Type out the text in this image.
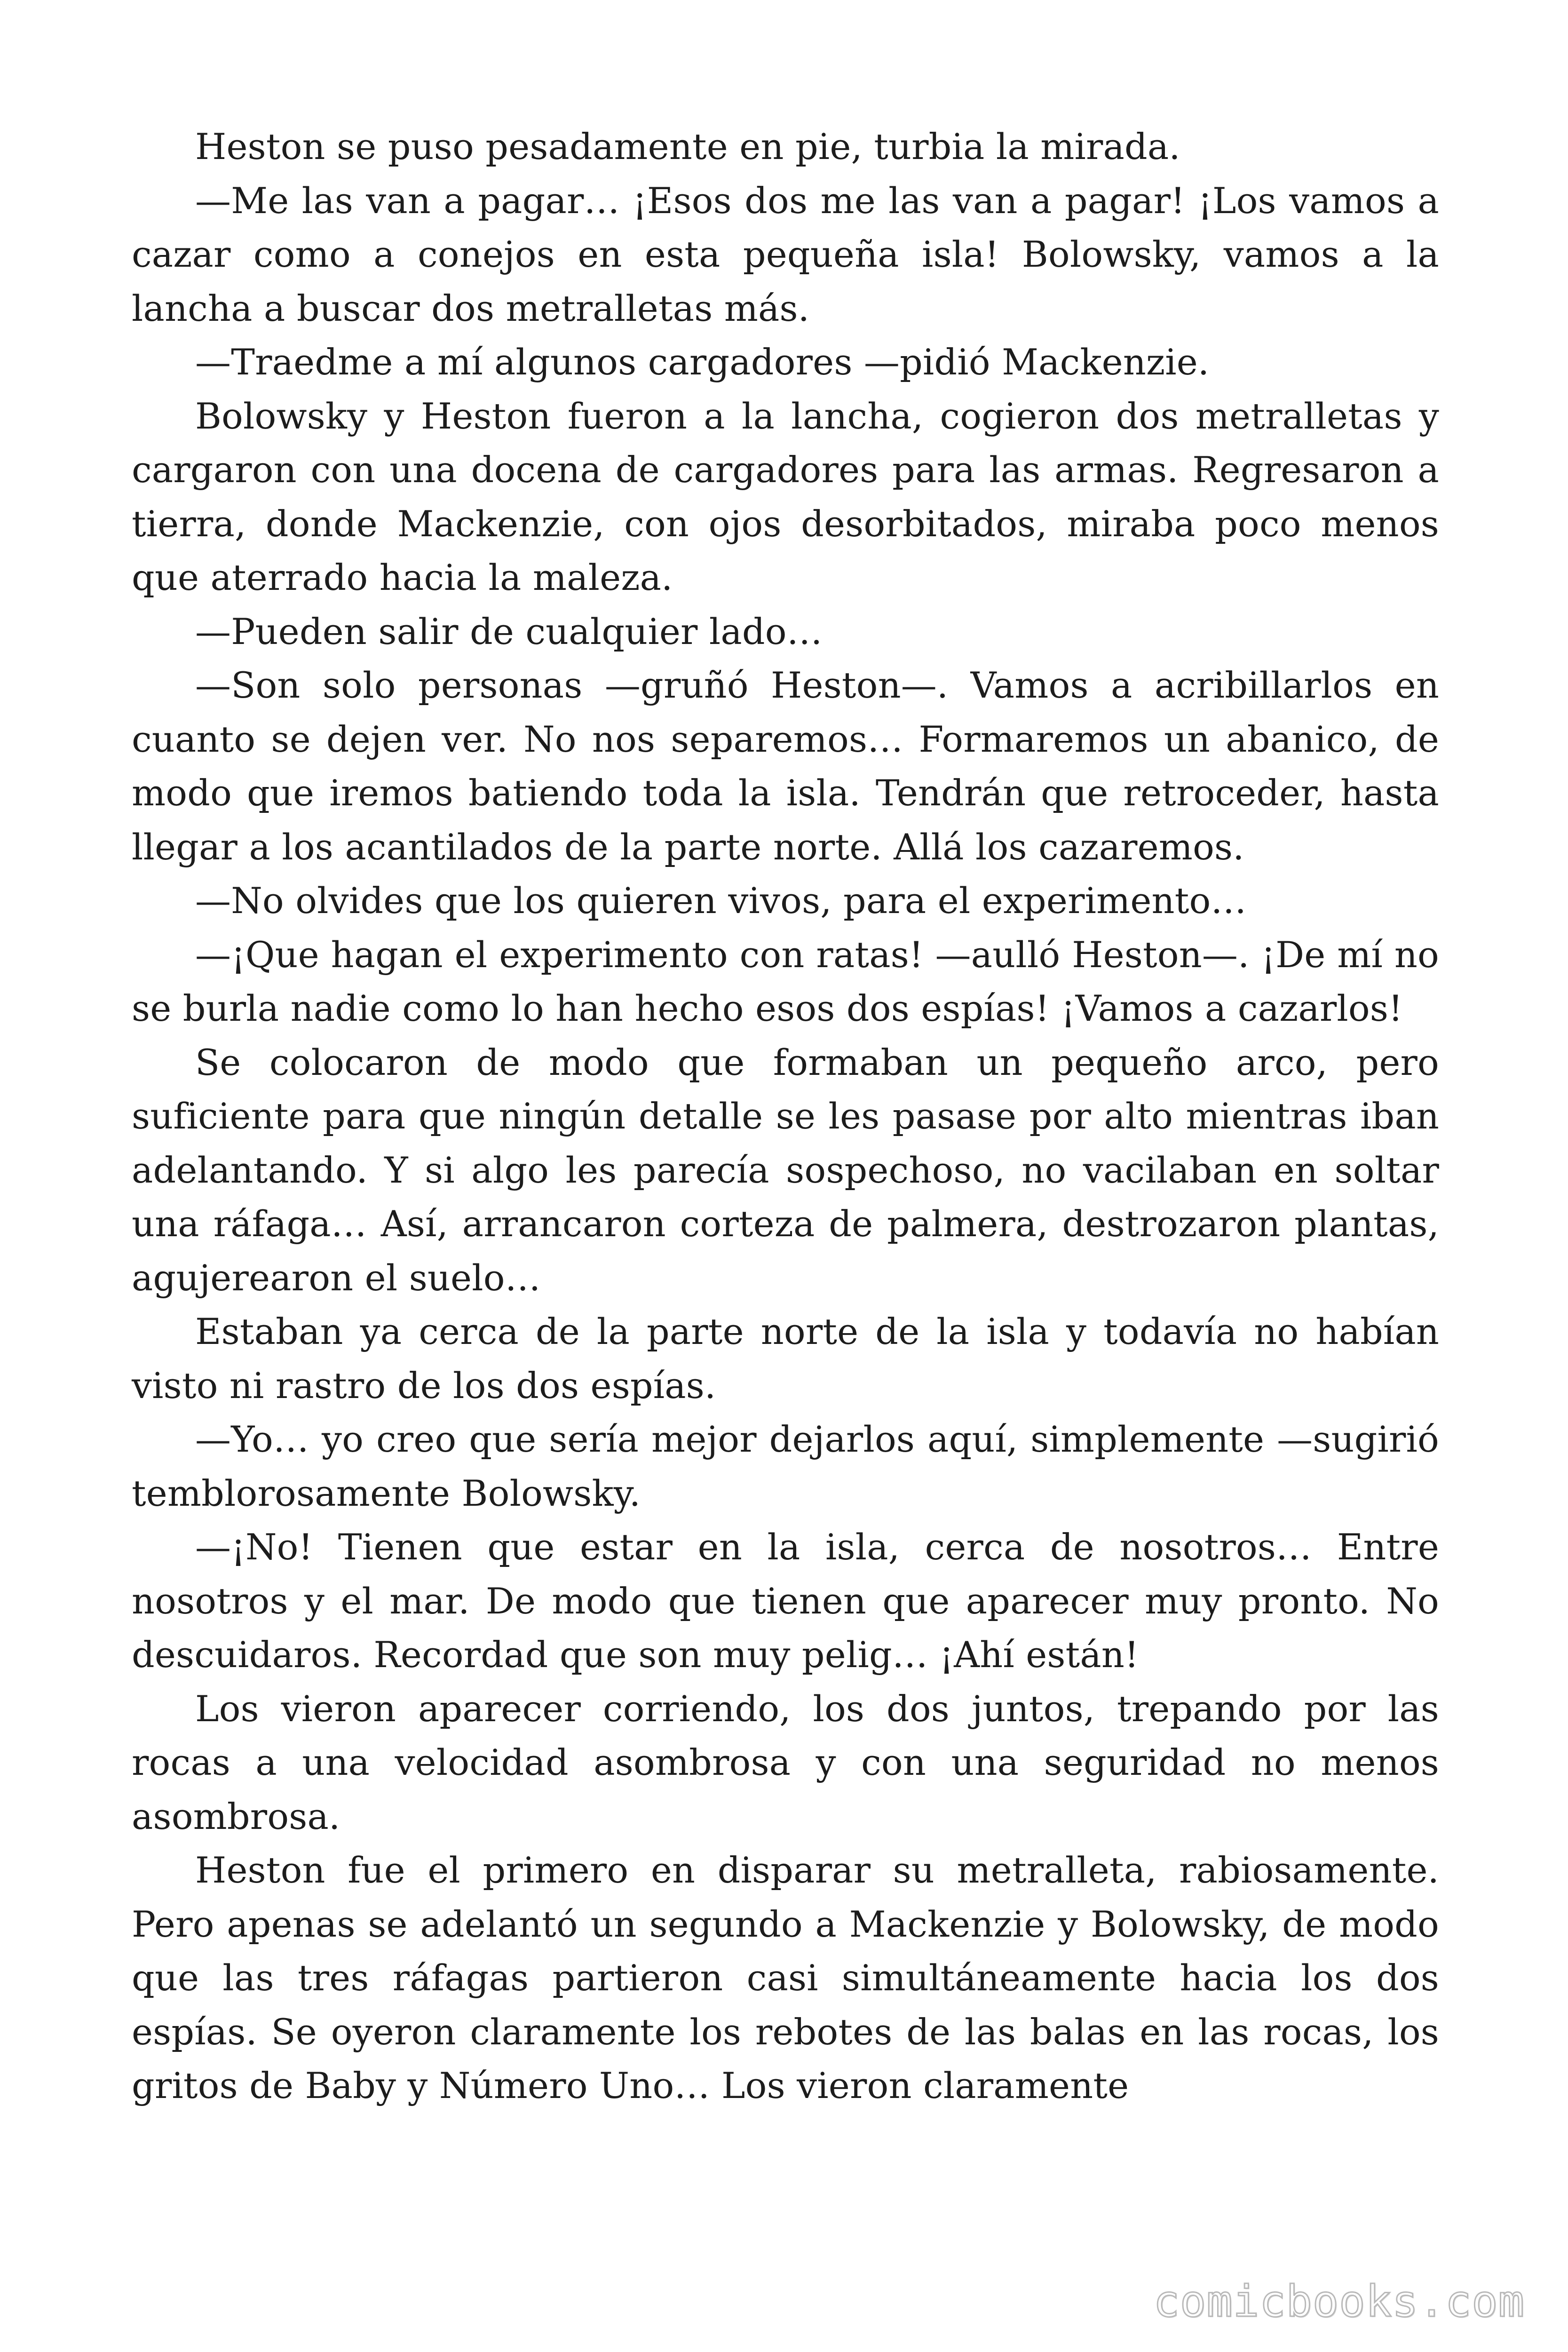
Heston se puso pesadamente en pie, turbia la mirada.

—Me las van a pagar… ¡Esos dos me las van a pagar! ¡Los vamos a cazar como a conejos en esta pequeña isla! Bolowsky, vamos a la lancha a buscar dos metralletas más.

—Traedme a mí algunos cargadores —pidió Mackenzie.

Bolowsky y Heston fueron a la lancha, cogieron dos metralletas y cargaron con una docena de cargadores para las armas. Regresaron a tierra, donde Mackenzie, con ojos desorbitados, miraba poco menos que aterrado hacia la maleza.

—Pueden salir de cualquier lado…

—Son solo personas —gruñó Heston—. Vamos a acribillarlos en cuanto se dejen ver. No nos separemos… Formaremos un abanico, de modo que iremos batiendo toda la isla. Tendrán que retroceder, hasta llegar a los acantilados de la parte norte. Allá los cazaremos.

—No olvides que los quieren vivos, para el experimento…

—¡Que hagan el experimento con ratas! —aulló Heston—. ¡De mí no se burla nadie como lo han hecho esos dos espías! ¡Vamos a cazarlos!

Se colocaron de modo que formaban un pequeño arco, pero suficiente para que ningún detalle se les pasase por alto mientras iban adelantando. Y si algo les parecía sospechoso, no vacilaban en soltar una ráfaga… Así, arrancaron corteza de palmera, destrozaron plantas, agujerearon el suelo…

Estaban ya cerca de la parte norte de la isla y todavía no habían visto ni rastro de los dos espías.

—Yo… yo creo que sería mejor dejarlos aquí, simplemente —sugirió temblorosamente Bolowsky.

—¡No! Tienen que estar en la isla, cerca de nosotros… Entre nosotros y el mar. De modo que tienen que aparecer muy pronto. No descuidaros. Recordad que son muy pelig… ¡Ahí están!

Los vieron aparecer corriendo, los dos juntos, trepando por las rocas a una velocidad asombrosa y con una seguridad no menos asombrosa.

Heston fue el primero en disparar su metralleta, rabiosamente. Pero apenas se adelantó un segundo a Mackenzie y Bolowsky, de modo que las tres ráfagas partieron casi simultáneamente hacia los dos espías. Se oyeron claramente los rebotes de las balas en las rocas, los gritos de Baby y Número Uno… Los vieron claramente

comicbooks.com
